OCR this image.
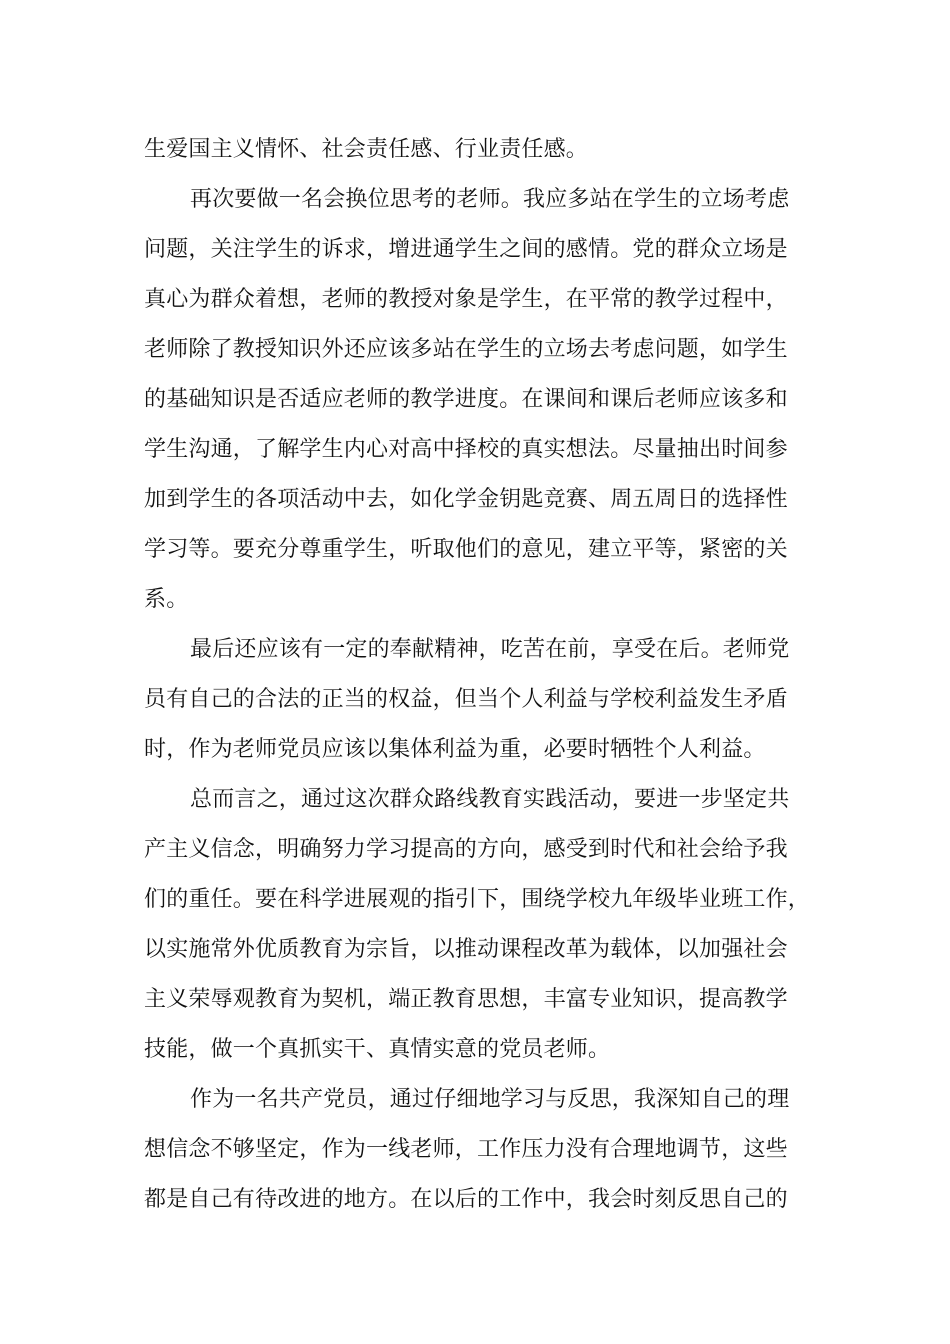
生爱国主义情怀、社会责任感、行业责任感。
再次要做一名会换位思考的老师。我应多站在学生的立场考虑
问题，关注学生的诉求，增进通学生之间的感情。党的群众立场是
真心为群众着想，老师的教授对象是学生，在平常的教学过程中，
老师除了教授知识外还应该多站在学生的立场去考虑问题，如学生
的基础知识是否适应老师的教学进度。在课间和课后老师应该多和
学生沟通，了解学生内心对高中择校的真实想法。尽量抽出时间参
加到学生的各项活动中去，如化学金钥匙竞赛、周五周日的选择性
学习等。要充分尊重学生，听取他们的意见，建立平等，紧密的关
系。
最后还应该有一定的奉献精神，吃苦在前，享受在后。老师党
员有自己的合法的正当的权益，但当个人利益与学校利益发生矛盾
时，作为老师党员应该以集体利益为重，必要时牺牲个人利益。
总而言之，通过这次群众路线教育实践活动，要进一步坚定共
产主义信念，明确努力学习提高的方向，感受到时代和社会给予我
们的重任。要在科学进展观的指引下，围绕学校九年级毕业班工作，
以实施常外优质教育为宗旨，以推动课程改革为载体，以加强社会
主义荣辱观教育为契机，端正教育思想，丰富专业知识，提高教学
技能，做一个真抓实干、真情实意的党员老师。
作为一名共产党员，通过仔细地学习与反思，我深知自己的理
想信念不够坚定，作为一线老师，工作压力没有合理地调节，这些
都是自己有待改进的地方。在以后的工作中，我会时刻反思自己的
